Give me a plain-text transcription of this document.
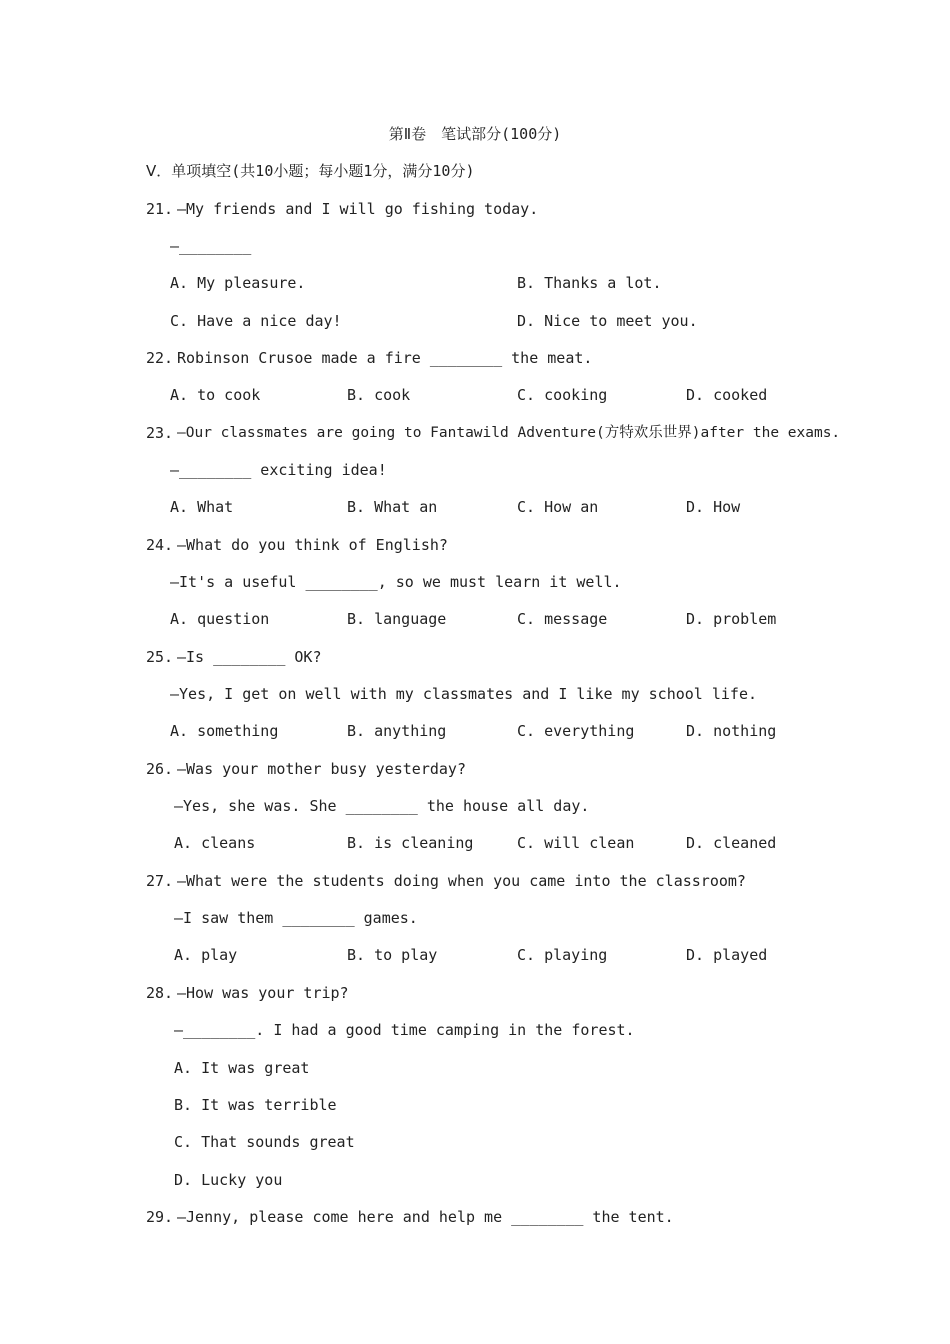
第Ⅱ卷　笔试部分(100分)
Ⅴ．单项填空(共10小题；每小题1分，满分10分)
21. —My friends and I will go fishing today.
—________
A. My pleasure.	B. Thanks a lot.
C. Have a nice day!	D. Nice to meet you.
22. Robinson Crusoe made a fire ________ the meat.
A. to cook	B. cook	C. cooking	D. cooked
23. —Our classmates are going to Fantawild Adventure(方特欢乐世界)after the exams.
—________ exciting idea!
A. What	B. What an	C. How an	D. How
24. —What do you think of English?
—It's a useful ________, so we must learn it well.
A. question	B. language	C. message	D. problem
25. —Is ________ OK?
—Yes, I get on well with my classmates and I like my school life.
A. something	B. anything	C. everything	D. nothing
26. —Was your mother busy yesterday?
—Yes, she was. She ________ the house all day.
A. cleans	B. is cleaning	C. will clean	D. cleaned
27. —What were the students doing when you came into the classroom?
—I saw them ________ games.
A. play	B. to play	C. playing	D. played
28. —How was your trip?
—________. I had a good time camping in the forest.
A. It was great
B. It was terrible
C. That sounds great
D. Lucky you
29. —Jenny, please come here and help me ________ the tent.
